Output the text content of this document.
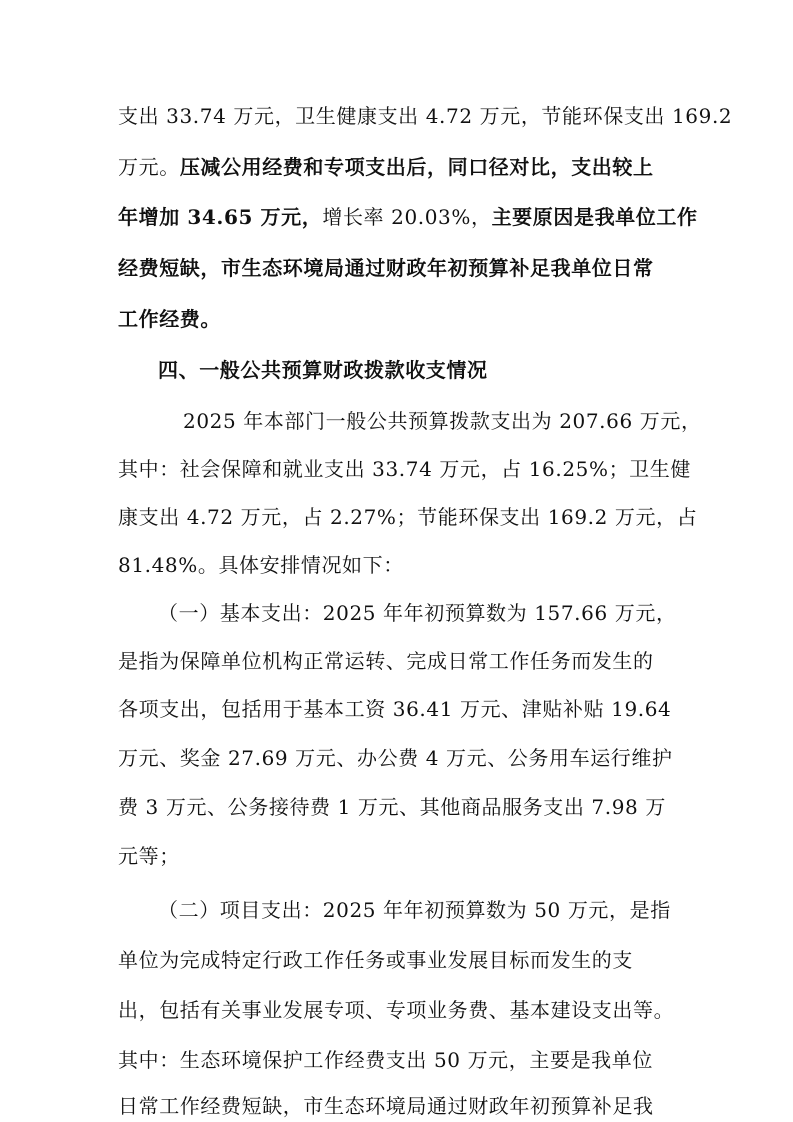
支出 33.74 万元，卫生健康支出 4.72 万元，节能环保支出 169.2
万元。压减公用经费和专项支出后，同口径对比，支出较上
年增加 34.65 万元，增长率 20.03%，主要原因是我单位工作
经费短缺，市生态环境局通过财政年初预算补足我单位日常
工作经费。
四、一般公共预算财政拨款收支情况
2025 年本部门一般公共预算拨款支出为 207.66 万元，
其中：社会保障和就业支出 33.74 万元，占 16.25%；卫生健
康支出 4.72 万元，占 2.27%；节能环保支出 169.2 万元，占
81.48%。具体安排情况如下：
（一）基本支出：2025 年年初预算数为 157.66 万元，
是指为保障单位机构正常运转、完成日常工作任务而发生的
各项支出，包括用于基本工资 36.41 万元、津贴补贴 19.64
万元、奖金 27.69 万元、办公费 4 万元、公务用车运行维护
费 3 万元、公务接待费 1 万元、其他商品服务支出 7.98 万
元等；
（二）项目支出：2025 年年初预算数为 50 万元，是指
单位为完成特定行政工作任务或事业发展目标而发生的支
出，包括有关事业发展专项、专项业务费、基本建设支出等。
其中：生态环境保护工作经费支出 50 万元，主要是我单位
日常工作经费短缺，市生态环境局通过财政年初预算补足我
